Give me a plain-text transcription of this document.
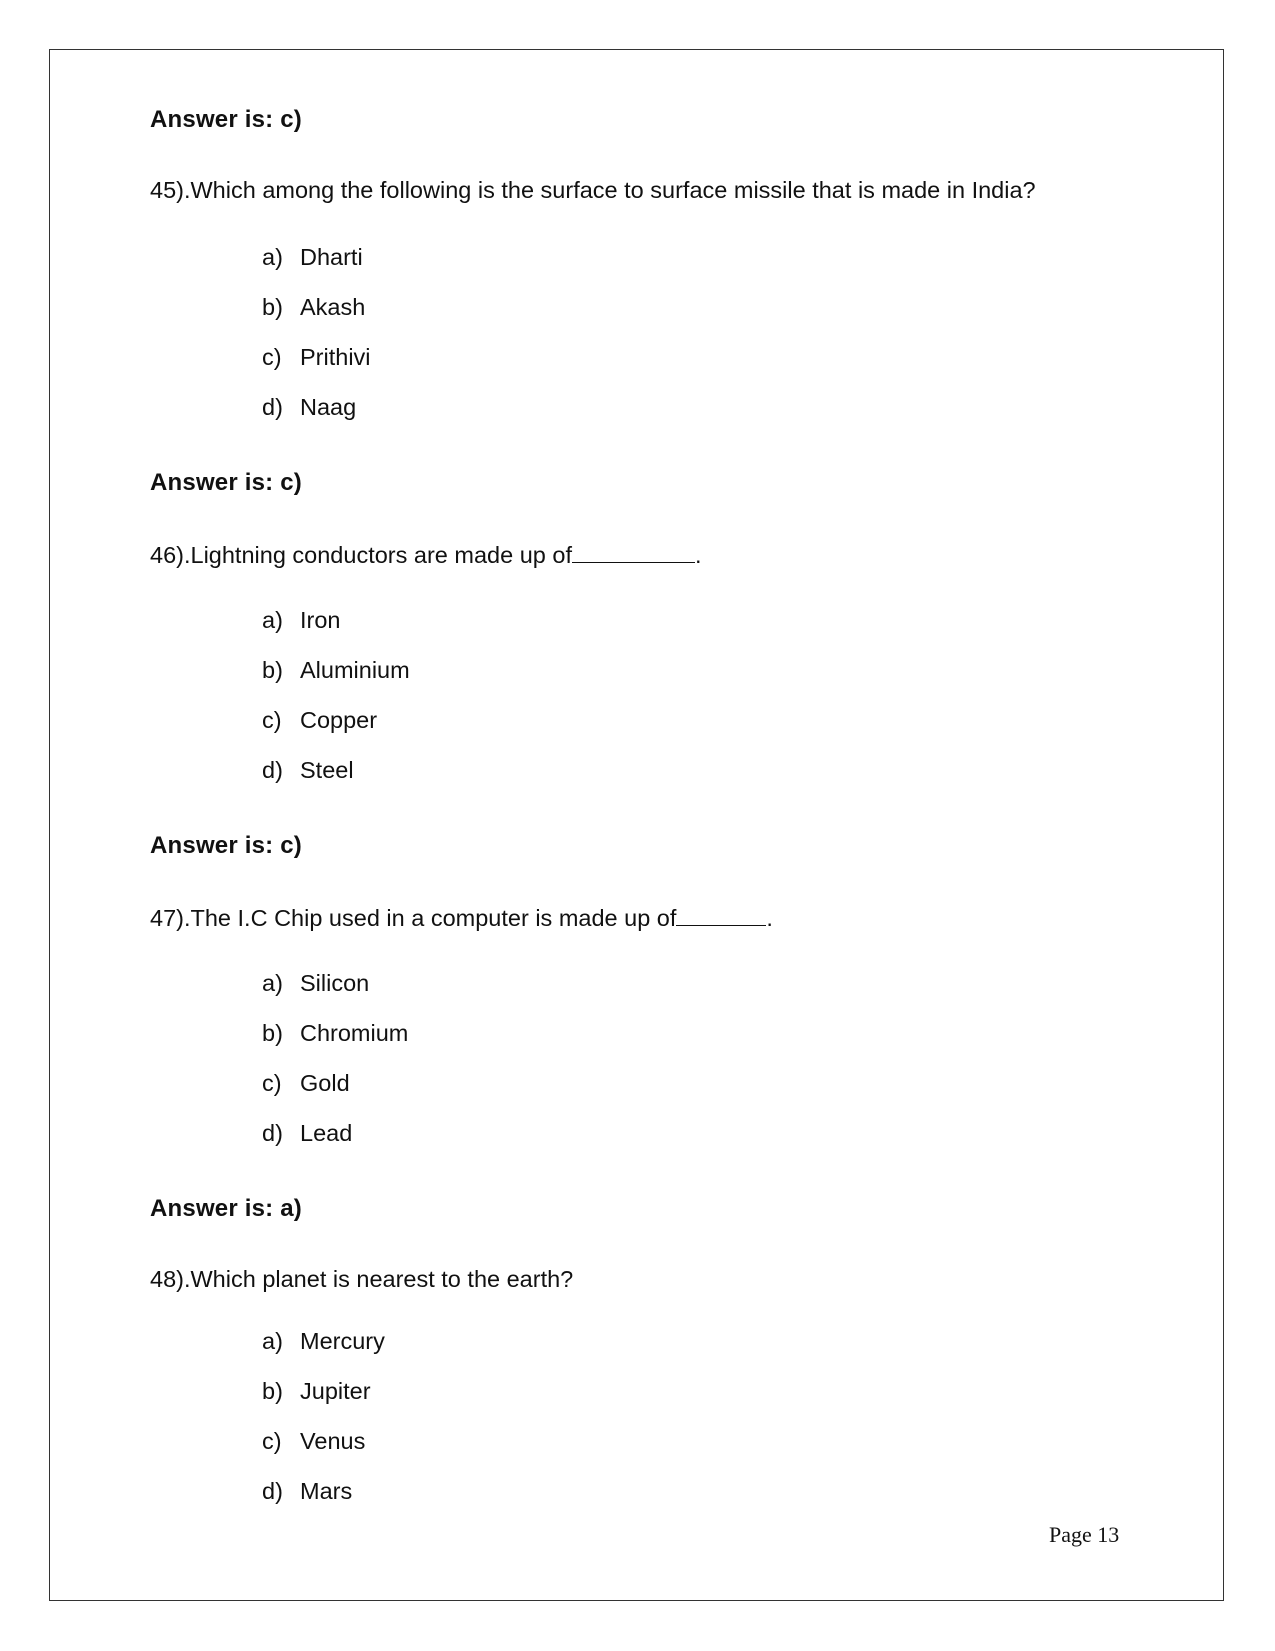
Answer is: c)
45).Which among the following is the surface to surface missile that is made in India?
a) Dharti
b) Akash
c) Prithivi
d) Naag
Answer is: c)
46).Lightning conductors are made up of	.
a) Iron
b) Aluminium
c) Copper
d) Steel
Answer is: c)
47).The I.C Chip used in a computer is made up of	.
a) Silicon
b) Chromium
c) Gold
d) Lead
Answer is: a)
48).Which planet is nearest to the earth?
a) Mercury
b) Jupiter
c) Venus
d) Mars
Page 13
